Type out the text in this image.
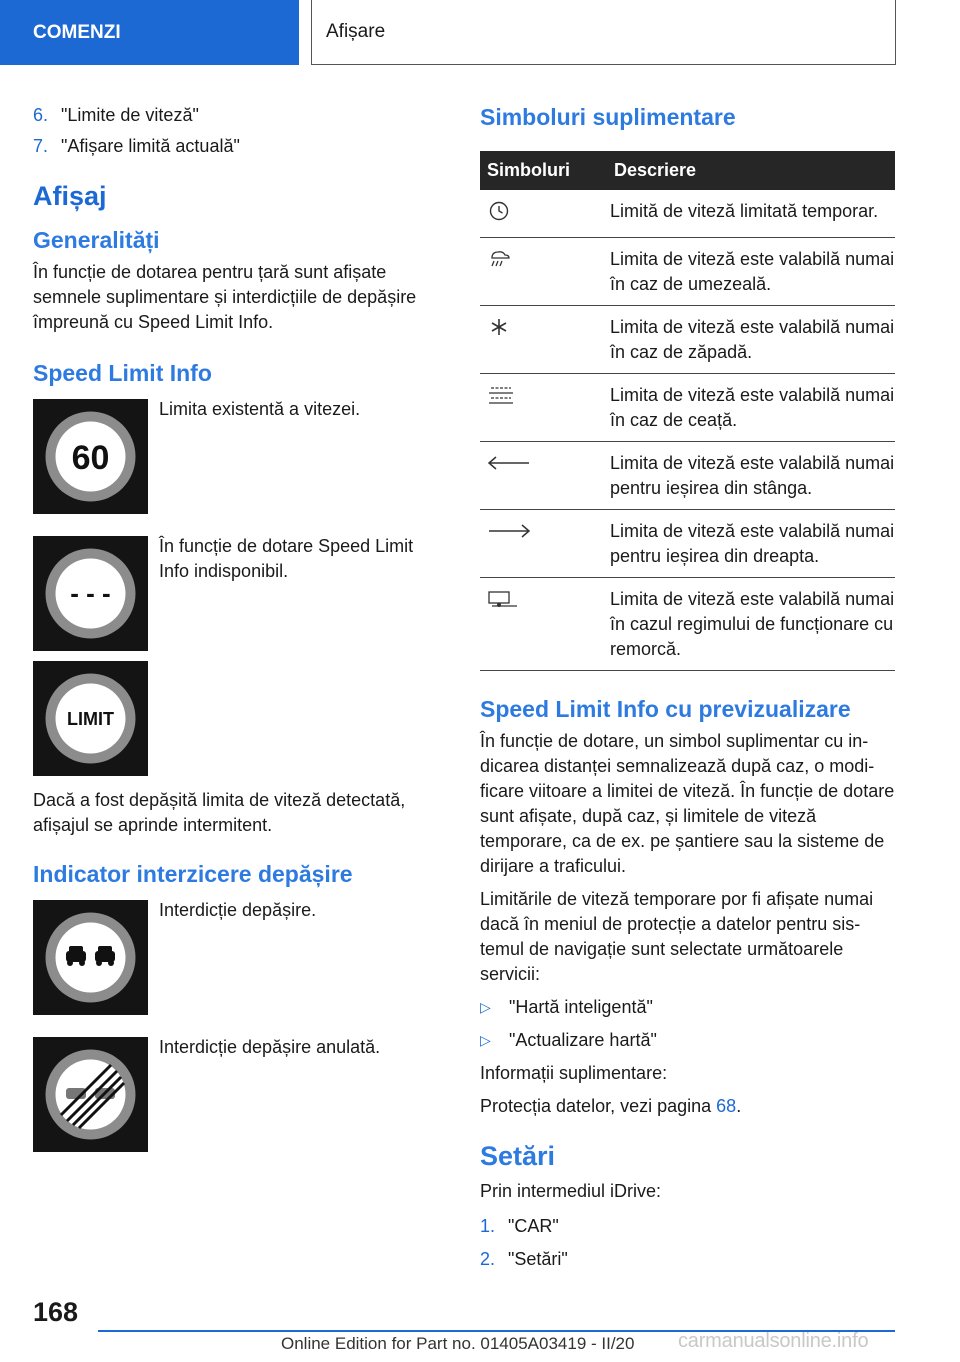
COMENZI	Afișare
6. "Limite de viteză"
7. "Afișare limită actuală"
Afișaj
Generalități

În funcție de dotarea pentru țară sunt afișate semnele suplimentare și interdicțiile de depășire împreună cu Speed Limit Info.

Speed Limit Info
60
Limita existentă a vitezei.
- - -
În funcție de dotare Speed Limit Info indisponibil.
LIMIT

Dacă a fost depășită limita de viteză detectată, afișajul se aprinde intermitent.

Indicator interzicere depășire
Interdicție depășire.
Interdicție depășire anulată.
Simboluri suplimentare
Simboluri	Descriere
	Limită de viteză limitată temporar.
	Limita de viteză este valabilă numai în caz de umezeală.
	Limita de viteză este valabilă numai în caz de zăpadă.
	Limita de viteză este valabilă numai în caz de ceață.
	Limita de viteză este valabilă numai pentru ieșirea din stânga.
	Limita de viteză este valabilă numai pentru ieșirea din dreapta.
	Limita de viteză este valabilă numai în cazul regimului de funcționare cu remorcă.
Speed Limit Info cu previzualizare

În funcție de dotare, un simbol suplimentar cu indicarea distanței semnalizează după caz, o modificare viitoare a limitei de viteză. În funcție de dotare sunt afișate, după caz, și limitele de viteză temporare, ca de ex. pe șantiere sau la sisteme de dirijare a traficului.

Limitările de viteză temporare por fi afișate numai dacă în meniul de protecție a datelor pentru sistemul de navigație sunt selectate următoarele servicii:

▷	"Hartă inteligentă"
▷	"Actualizare hartă"

Informații suplimentare:

Protecția datelor, vezi pagina 68.

Setări

Prin intermediul iDrive:

1. "CAR"
2. "Setări"
168
Online Edition for Part no. 01405A03419 - II/20 carmanualsonline.info
